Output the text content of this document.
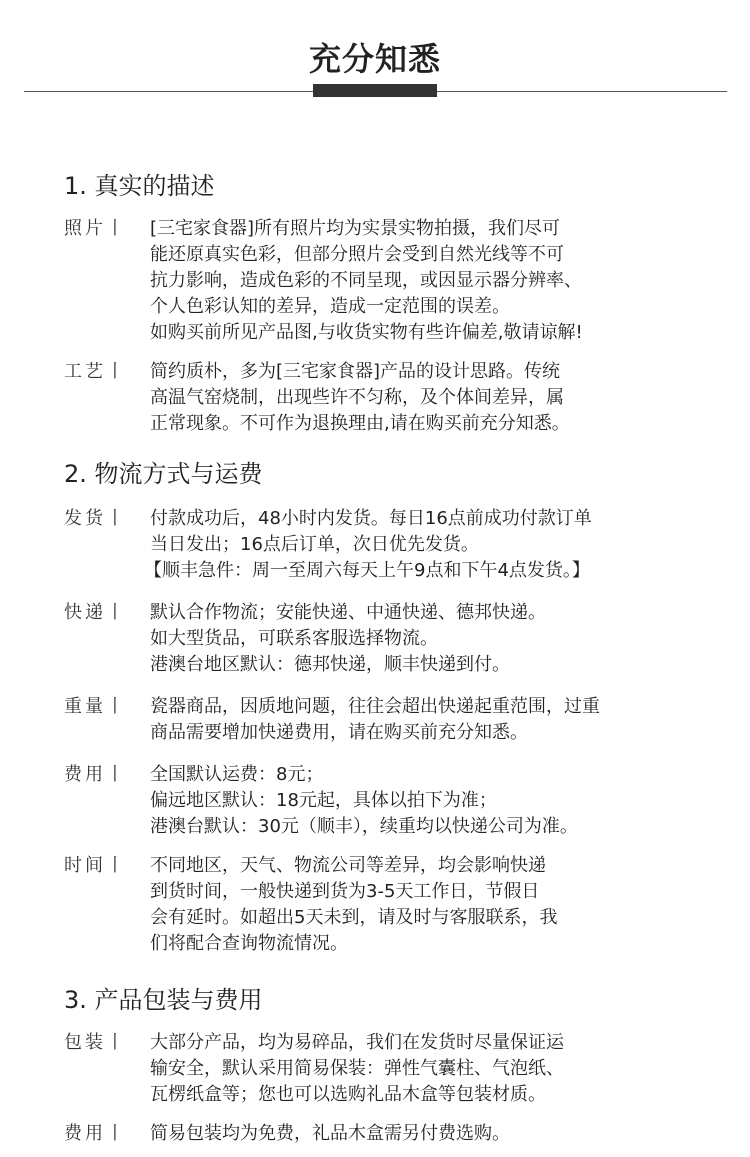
充分知悉
1. 真实的描述
照片丨	[三宅家食器]所有照片均为实景实物拍摄，我们尽可
能还原真实色彩，但部分照片会受到自然光线等不可
抗力影响，造成色彩的不同呈现，或因显示器分辨率、
个人色彩认知的差异，造成一定范围的误差。
如购买前所见产品图,与收货实物有些许偏差,敬请谅解!
工艺丨	简约质朴，多为[三宅家食器]产品的设计思路。传统
高温气窑烧制，出现些许不匀称，及个体间差异，属
正常现象。不可作为退换理由,请在购买前充分知悉。
2. 物流方式与运费
发货丨	付款成功后，48小时内发货。每日16点前成功付款订单
当日发出；16点后订单，次日优先发货。
【顺丰急件：周一至周六每天上午9点和下午4点发货。】
快递丨	默认合作物流；安能快递、中通快递、德邦快递。
如大型货品，可联系客服选择物流。
港澳台地区默认：德邦快递，顺丰快递到付。
重量丨	瓷器商品，因质地问题，往往会超出快递起重范围，过重
商品需要增加快递费用，请在购买前充分知悉。
费用丨	全国默认运费：8元；
偏远地区默认：18元起，具体以拍下为准；
港澳台默认：30元（顺丰），续重均以快递公司为准。
时间丨	不同地区，天气、物流公司等差异，均会影响快递
到货时间，一般快递到货为3-5天工作日，节假日
会有延时。如超出5天未到，请及时与客服联系，我
们将配合查询物流情况。
3. 产品包装与费用
包装丨	大部分产品，均为易碎品，我们在发货时尽量保证运
输安全，默认采用简易保装：弹性气囊柱、气泡纸、
瓦楞纸盒等；您也可以选购礼品木盒等包装材质。
费用丨	简易包装均为免费，礼品木盒需另付费选购。
